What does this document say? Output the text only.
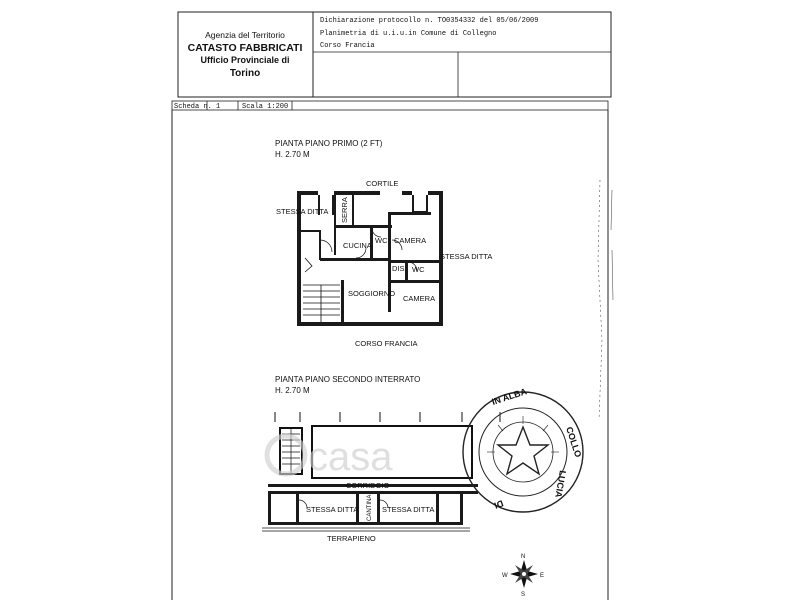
Agenzia del Territorio
CATASTO FABBRICATI
Ufficio Provinciale di
Torino
Dichiarazione protocollo n. TO0354332 del 05/06/2009
Planimetria di u.i.u.in Comune di Collegno
Corso Francia
Scheda n. 1	Scala 1:200
PIANTA PIANO PRIMO (2 FT)
H. 2.70 M
CORTILE
STESSA DITTA SERRA
CUCINA
WC CAMERA
STESSA DITTA
DIS. WC
SOGGIORNO
CAMERA
CORSO FRANCIA
PIANTA PIANO SECONDO INTERRATO
H. 2.70 M
CORRIDOIO
STESSA DITTA CANTINA STESSA DITTA
TERRAPIENO
casa
IN ALBA
COLLO
LUCIA
DI
N
E
S
W
